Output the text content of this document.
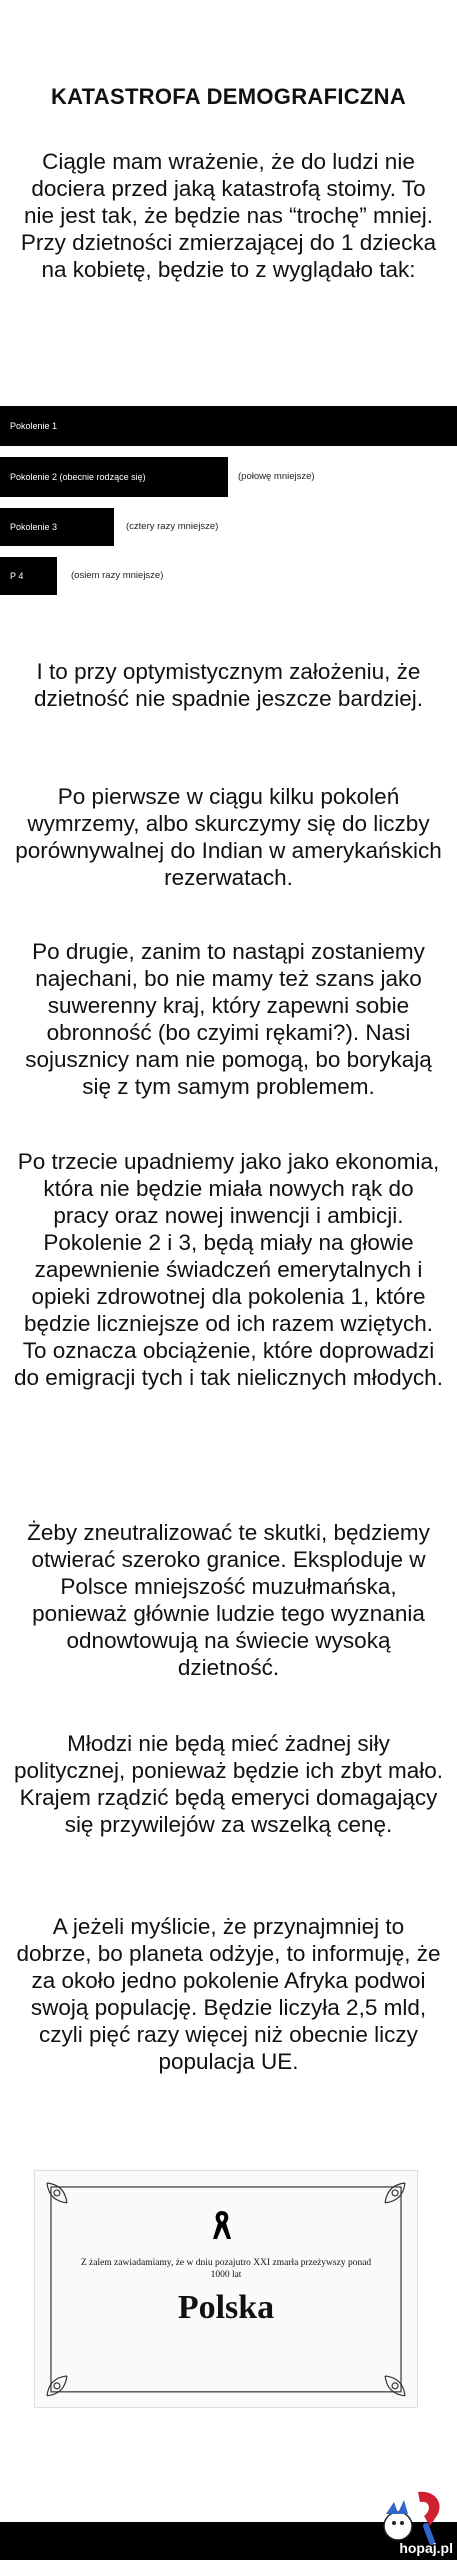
KATASTROFA DEMOGRAFICZNA

Ciągle mam wrażenie, że do ludzi nie dociera przed jaką katastrofą stoimy. To nie jest tak, że będzie nas “trochę” mniej. Przy dzietności zmierzającej do 1 dziecka na kobietę, będzie to z wyglądało tak:

Pokolenie 1
Pokolenie 2 (obecnie rodzące się)	(połowę mniejsze)
Pokolenie 3	(cztery razy mniejsze)
P 4	(osiem razy mniejsze)

I to przy optymistycznym założeniu, że dzietność nie spadnie jeszcze bardziej.

Po pierwsze w ciągu kilku pokoleń wymrzemy, albo skurczymy się do liczby porównywalnej do Indian w amerykańskich rezerwatach.

Po drugie, zanim to nastąpi zostaniemy najechani, bo nie mamy też szans jako suwerenny kraj, który zapewni sobie obronność (bo czyimi rękami?). Nasi sojusznicy nam nie pomogą, bo borykają się z tym samym problemem.

Po trzecie upadniemy jako jako ekonomia, która nie będzie miała nowych rąk do pracy oraz nowej inwencji i ambicji. Pokolenie 2 i 3, będą miały na głowie zapewnienie świadczeń emerytalnych i opieki zdrowotnej dla pokolenia 1, które będzie liczniejsze od ich razem wziętych. To oznacza obciążenie, które doprowadzi do emigracji tych i tak nielicznych młodych.

Żeby zneutralizować te skutki, będziemy otwierać szeroko granice. Eksploduje w Polsce mniejszość muzułmańska, ponieważ głównie ludzie tego wyznania odnowtowują na świecie wysoką dzietność.

Młodzi nie będą mieć żadnej siły politycznej, ponieważ będzie ich zbyt mało. Krajem rządzić będą emeryci domagający się przywilejów za wszelką cenę.

A jeżeli myślicie, że przynajmniej to dobrze, bo planeta odżyje, to informuję, że za około jedno pokolenie Afryka podwoi swoją populację. Będzie liczyła 2,5 mld, czyli pięć razy więcej niż obecnie liczy populacja UE.

Z żalem zawiadamiamy, że w dniu pozajutro XXI zmarła przeżywszy ponad 1000 lat
Polska
hopaj.pl
